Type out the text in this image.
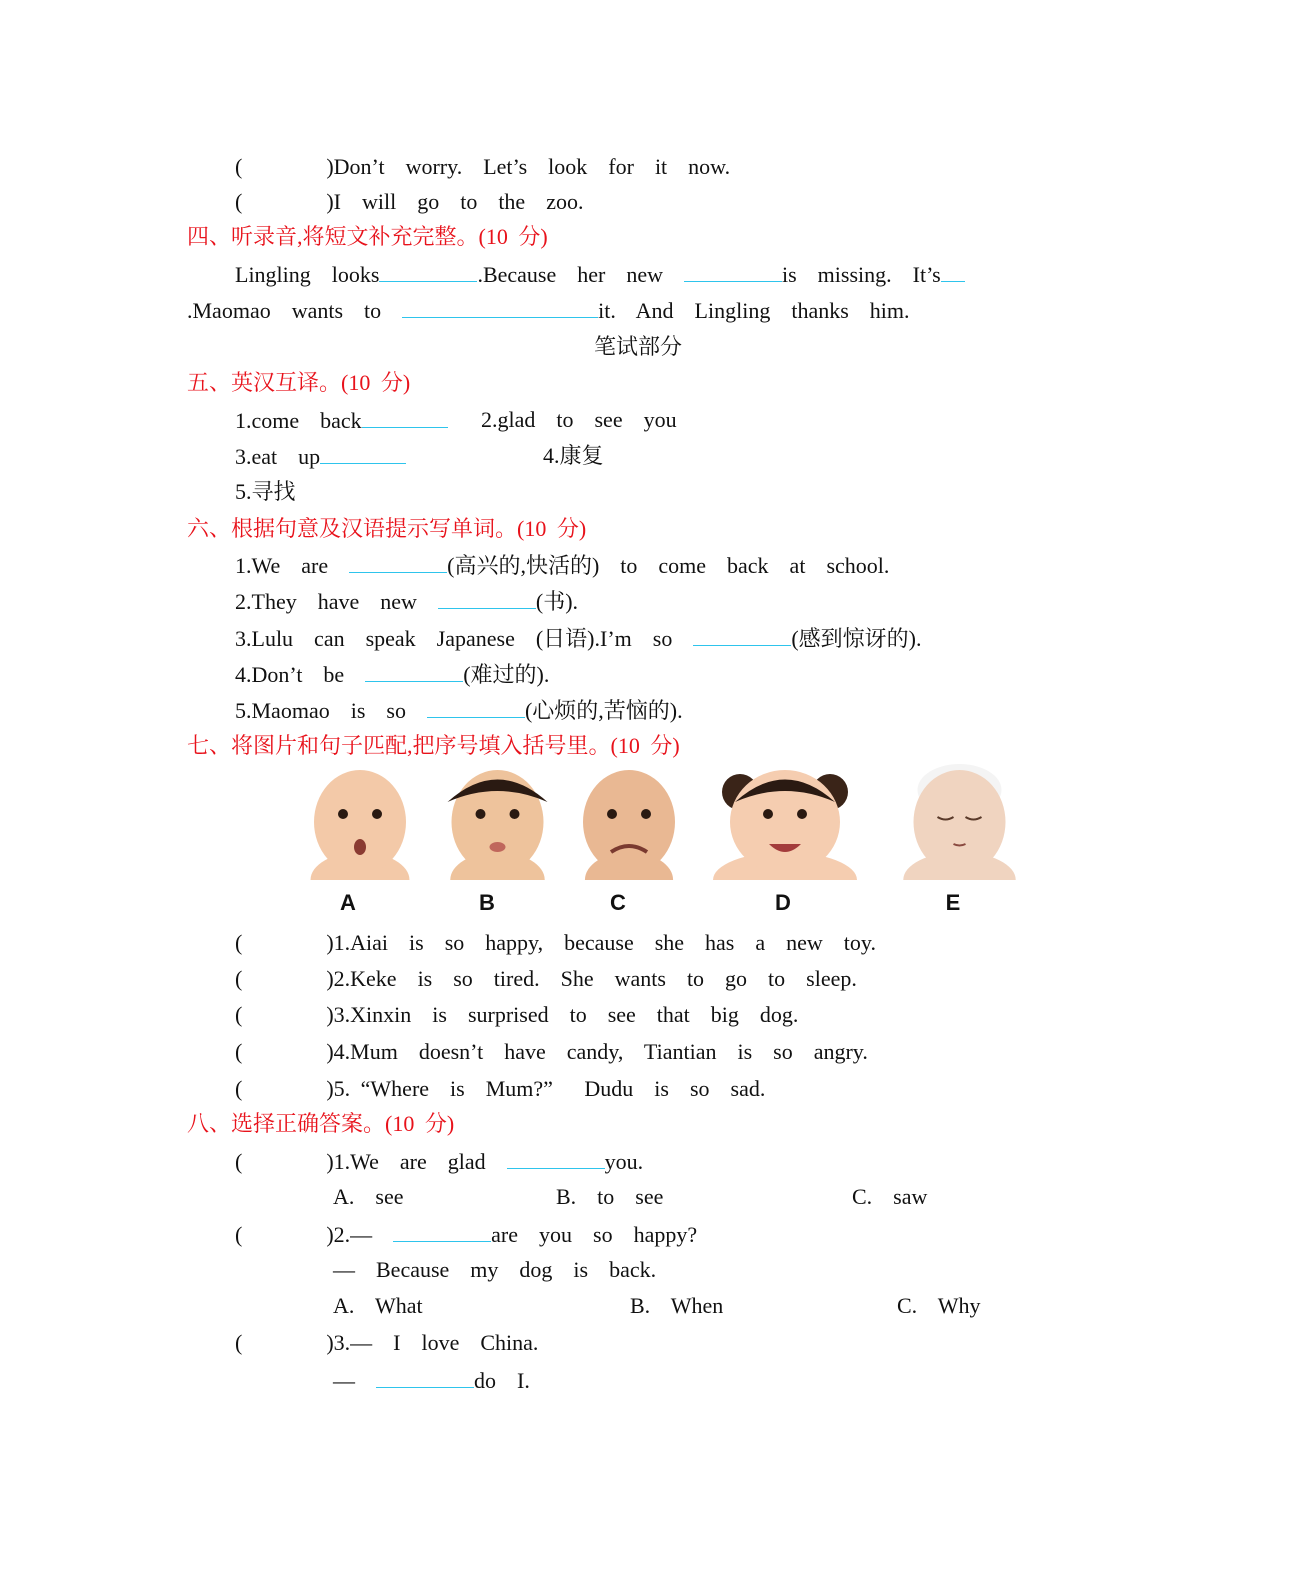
(        )Don’t  worry.  Let’s  look  for  it  now.
(        )I  will  go  to  the  zoo.
四、听录音,将短文补充完整。(10 分)
Lingling  looks	.Because  her  new	is  missing.  It’s
.Maomao  wants  to	it.  And  Lingling  thanks  him.
笔试部分
五、英汉互译。(10 分)
1.come  back	2.glad  to  see  you
3.eat  up	4.康复
5.寻找
六、根据句意及汉语提示写单词。(10 分)
1.We  are	(高兴的,快活的)  to  come  back  at  school.
2.They  have  new	(书).
3.Lulu  can  speak  Japanese  (日语).I’m  so	(感到惊讶的).
4.Don’t  be	(难过的).
5.Maomao  is  so	(心烦的,苦恼的).
七、将图片和句子匹配,把序号填入括号里。(10 分)
A	B	C	D	E
(        )1.Aiai  is  so  happy,  because  she  has  a  new  toy.
(        )2.Keke  is  so  tired.  She  wants  to  go  to  sleep.
(        )3.Xinxin  is  surprised  to  see  that  big  dog.
(        )4.Mum  doesn’t  have  candy,  Tiantian  is  so  angry.
(        )5. “Where  is  Mum?”   Dudu  is  so  sad.
八、选择正确答案。(10 分)
(        )1.We  are  glad	you.
A.  see	B.  to  see	C.  saw
(        )2.—	are  you  so  happy?
—  Because  my  dog  is  back.
A.  What	B.  When	C.  Why
(        )3.—  I  love  China.
—	do  I.
